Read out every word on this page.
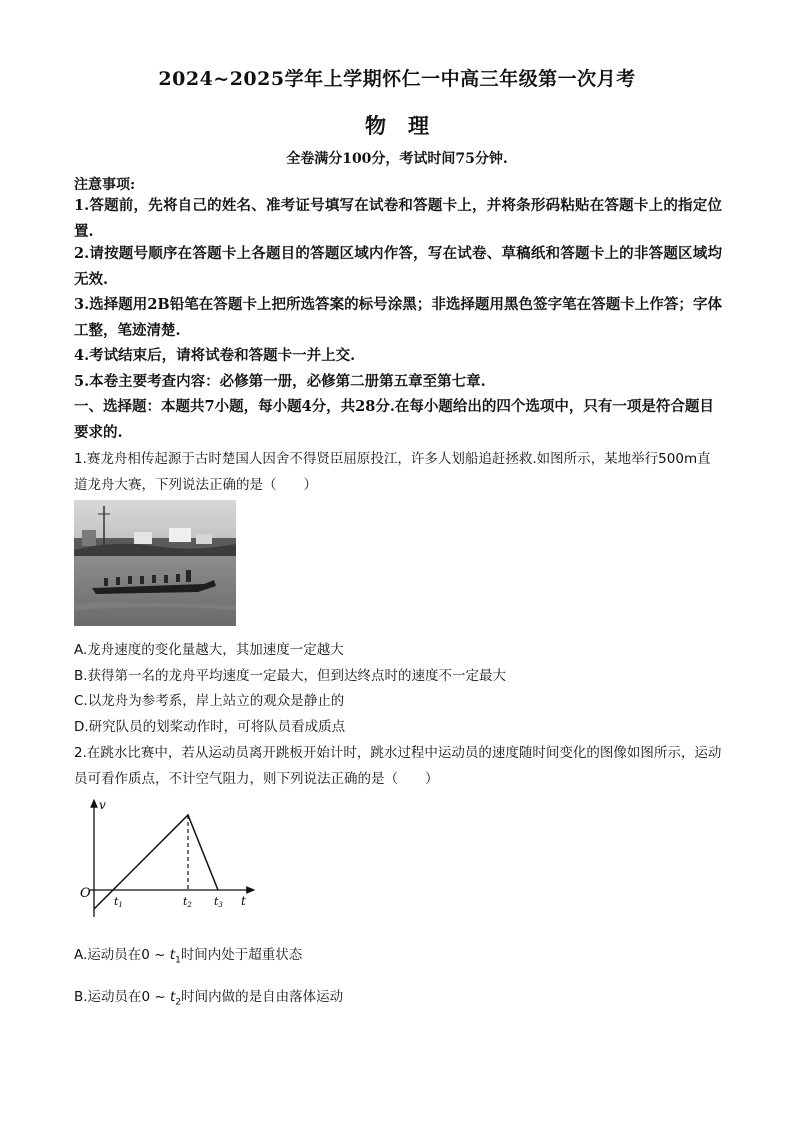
2024~2025学年上学期怀仁一中高三年级第一次月考
物理
全卷满分100分，考试时间75分钟.
注意事项:
1.答题前，先将自己的姓名、准考证号填写在试卷和答题卡上，并将条形码粘贴在答题卡上的指定位置.
2.请按题号顺序在答题卡上各题目的答题区域内作答，写在试卷、草稿纸和答题卡上的非答题区域均无效.
3.选择题用2B铅笔在答题卡上把所选答案的标号涂黑；非选择题用黑色签字笔在答题卡上作答；字体工整，笔迹清楚.
4.考试结束后，请将试卷和答题卡一并上交.
5.本卷主要考查内容：必修第一册，必修第二册第五章至第七章.
一、选择题：本题共7小题，每小题4分，共28分.在每小题给出的四个选项中，只有一项是符合题目要求的.
1.赛龙舟相传起源于古时楚国人因舍不得贤臣屈原投江，许多人划船追赶拯救.如图所示，某地举行500m直道龙舟大赛，下列说法正确的是（　　）
A.龙舟速度的变化量越大，其加速度一定越大
B.获得第一名的龙舟平均速度一定最大，但到达终点时的速度不一定最大
C.以龙舟为参考系，岸上站立的观众是静止的
D.研究队员的划桨动作时，可将队员看成质点
2.在跳水比赛中，若从运动员离开跳板开始计时，跳水过程中运动员的速度随时间变化的图像如图所示，运动员可看作质点，不计空气阻力，则下列说法正确的是（　　）
v
O
t1	t2 t3 t
A.运动员在0 ~ $t_1$时间内处于超重状态
B.运动员在0 ~ $t_2$时间内做的是自由落体运动
